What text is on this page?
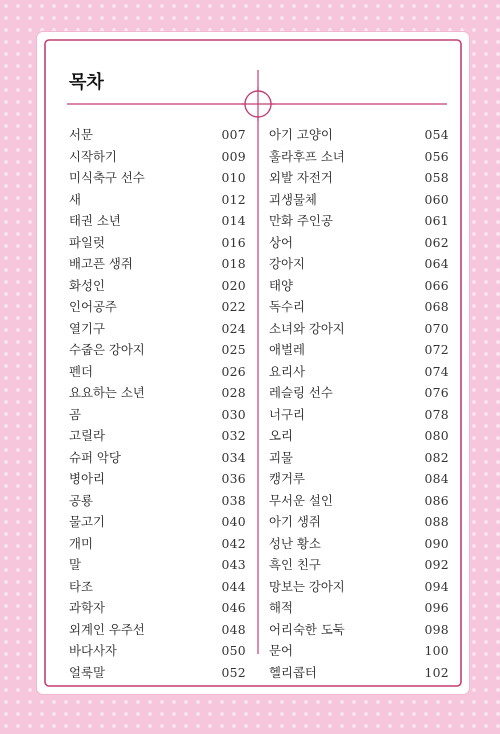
목차
서문	007
시작하기	009
미식축구 선수	010
새	012
태권 소년	014
파일럿	016
배고픈 생쥐	018
화성인	020
인어공주	022
열기구	024
수줍은 강아지	025
펜더	026
요요하는 소년	028
곰	030
고릴라	032
슈퍼 악당	034
병아리	036
공룡	038
물고기	040
개미	042
말	043
타조	044
과학자	046
외계인 우주선	048
바다사자	050
얼룩말	052
아기 고양이	054
훌라후프 소녀	056
외발 자전거	058
괴생물체	060
만화 주인공	061
상어	062
강아지	064
태양	066
독수리	068
소녀와 강아지	070
애벌레	072
요리사	074
레슬링 선수	076
너구리	078
오리	080
괴물	082
캥거루	084
무서운 설인	086
아기 생쥐	088
성난 황소	090
흑인 친구	092
망보는 강아지	094
해적	096
어리숙한 도둑	098
문어	100
헬리콥터	102
